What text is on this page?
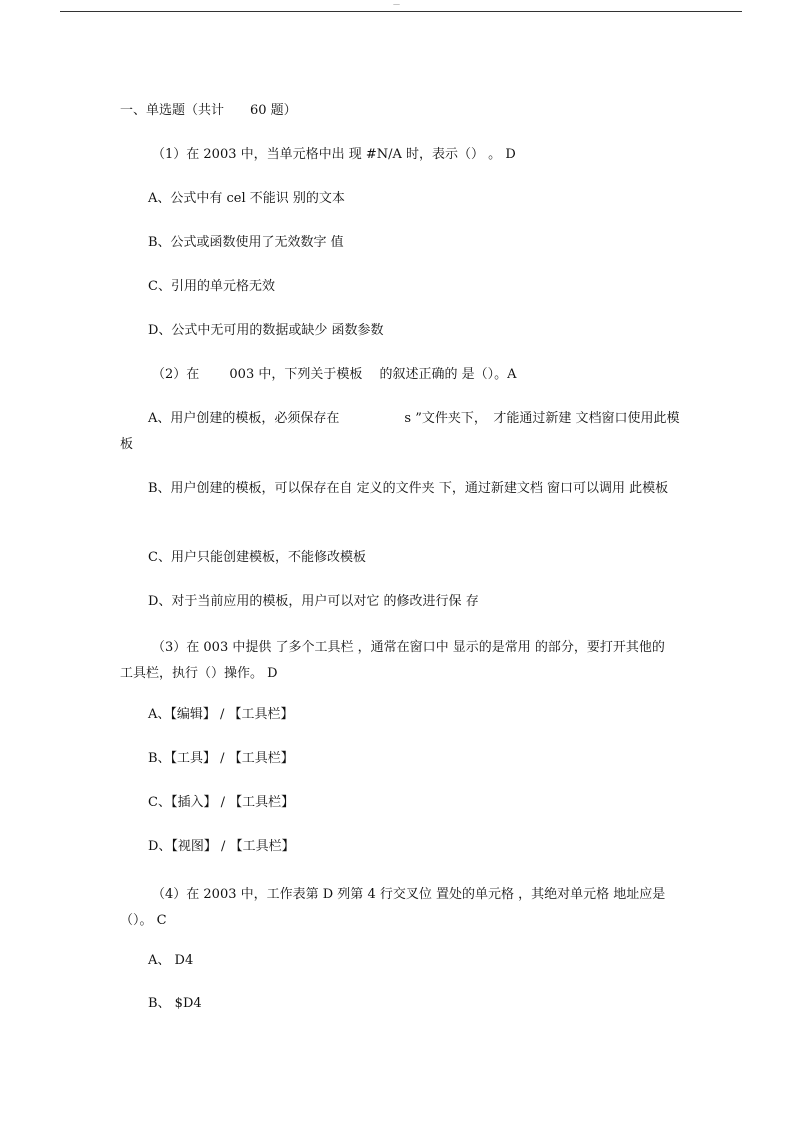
—
一、单选题（共计　　60 题）
（1）在 2003 中，当单元格中出 现 #N/A 时，表示（） 。 D
A、公式中有 cel 不能识 别的文本
B、公式或函数使用了无效数字 值
C、引用的单元格无效
D、公式中无可用的数据或缺少 函数参数
（2）在　　 003 中，下列关于模板　 的叙述正确的 是（）。A
A、用户创建的模板，必须保存在　　　　　s ”文件夹下，　才能通过新建 文档窗口使用此模板
B、用户创建的模板，可以保存在自 定义的文件夹 下，通过新建文档 窗口可以调用 此模板
C、用户只能创建模板，不能修改模板
D、对于当前应用的模板，用户可以对它 的修改进行保 存
（3）在 003 中提供 了多个工具栏 ，通常在窗口中 显示的是常用 的部分，要打开其他的 工具栏，执行（）操作。 D
A、【编辑】 / 【工具栏】
B、【工具】 / 【工具栏】
C、【插入】 / 【工具栏】
D、【视图】 / 【工具栏】
（4）在 2003 中，工作表第 D 列第 4 行交叉位 置处的单元格 ，其绝对单元格 地址应是（）。 C
A、 D4
B、 $D4
